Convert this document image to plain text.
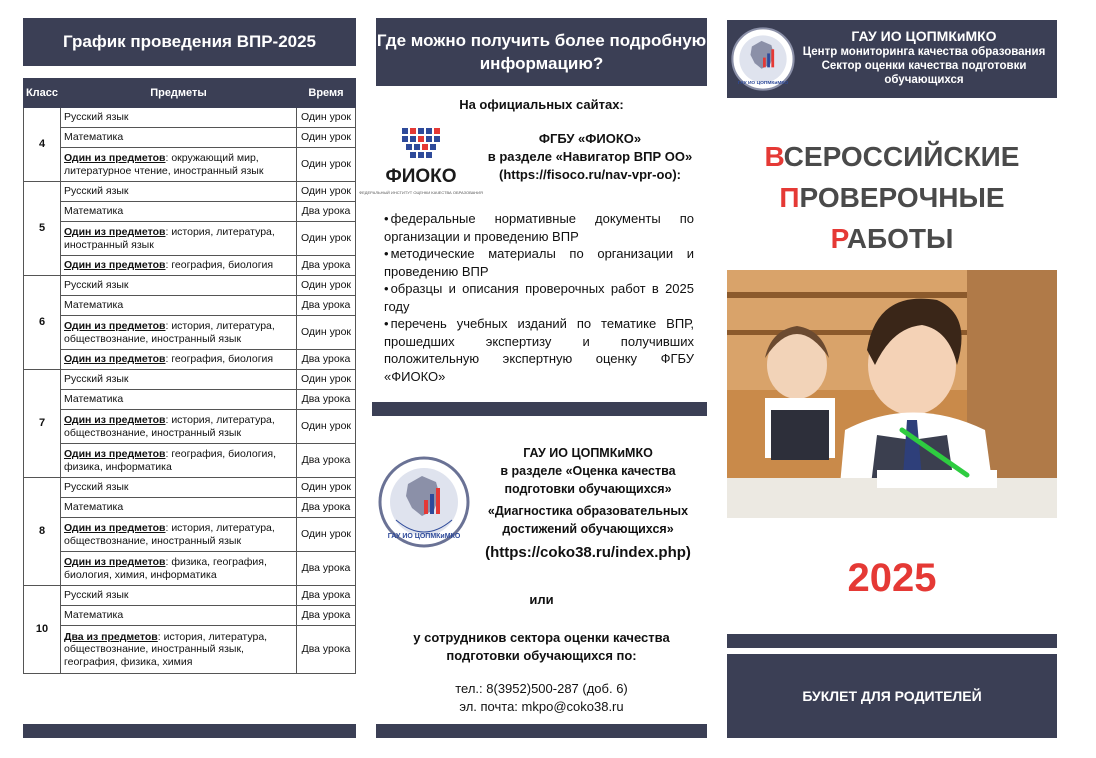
График проведения ВПР-2025
Класс	Предметы	Время
4	Русский язык	Один урок
	Математика	Один урок
	Один из предметов: окружающий мир, литературное чтение, иностранный язык	Один урок
5	Русский язык	Один урок
	Математика	Два урока
	Один из предметов: история, литература, иностранный язык	Один урок
	Один из предметов: география, биология	Два урока
6	Русский язык	Один урок
	Математика	Два урока
	Один из предметов: история, литература, обществознание, иностранный язык	Один урок
	Один из предметов: география, биология	Два урока
7	Русский язык	Один урок
	Математика	Два урока
	Один из предметов: история, литература, обществознание, иностранный язык	Один урок
	Один из предметов: география, биология, физика, информатика	Два урока
8	Русский язык	Один урок
	Математика	Два урока
	Один из предметов: история, литература, обществознание, иностранный язык	Один урок
	Один из предметов: физика, география, биология, химия, информатика	Два урока
10	Русский язык	Два урока
	Математика	Два урока
	Два из предметов: история, литература, обществознание, иностранный язык, география, физика, химия	Два урока
Где можно получить более подробную информацию?
На официальных сайтах:
ФИОКО
ФЕДЕРАЛЬНЫЙ ИНСТИТУТ ОЦЕНКИ КАЧЕСТВА ОБРАЗОВАНИЯ
ФГБУ «ФИОКО»
в разделе «Навигатор ВПР ОО»
(https://fisoco.ru/nav-vpr-oo):
• федеральные нормативные документы по организации и проведению ВПР
• методические материалы по организации и проведению ВПР
• образцы и описания проверочных работ в 2025 году
• перечень учебных изданий по тематике ВПР, прошедших экспертизу и получивших положительную экспертную оценку ФГБУ «ФИОКО»
ГАУ ИО ЦОПМКиМКО
ГАУ ИО ЦОПМКиМКО
в разделе «Оценка качества подготовки обучающихся»
«Диагностика образовательных достижений обучающихся»
(https://coko38.ru/index.php)
или
у сотрудников сектора оценки качества подготовки обучающихся по:
тел.: 8(3952)500-287 (доб. 6)
эл. почта: mkpo@coko38.ru
ГАУ ИО ЦОПМКиМКО
ГАУ ИО ЦОПМКиМКО
Центр мониторинга качества образования Сектор оценки качества подготовки обучающихся
ВСЕРОССИЙСКИЕ
ПРОВЕРОЧНЫЕ
РАБОТЫ
2025
БУКЛЕТ ДЛЯ РОДИТЕЛЕЙ
